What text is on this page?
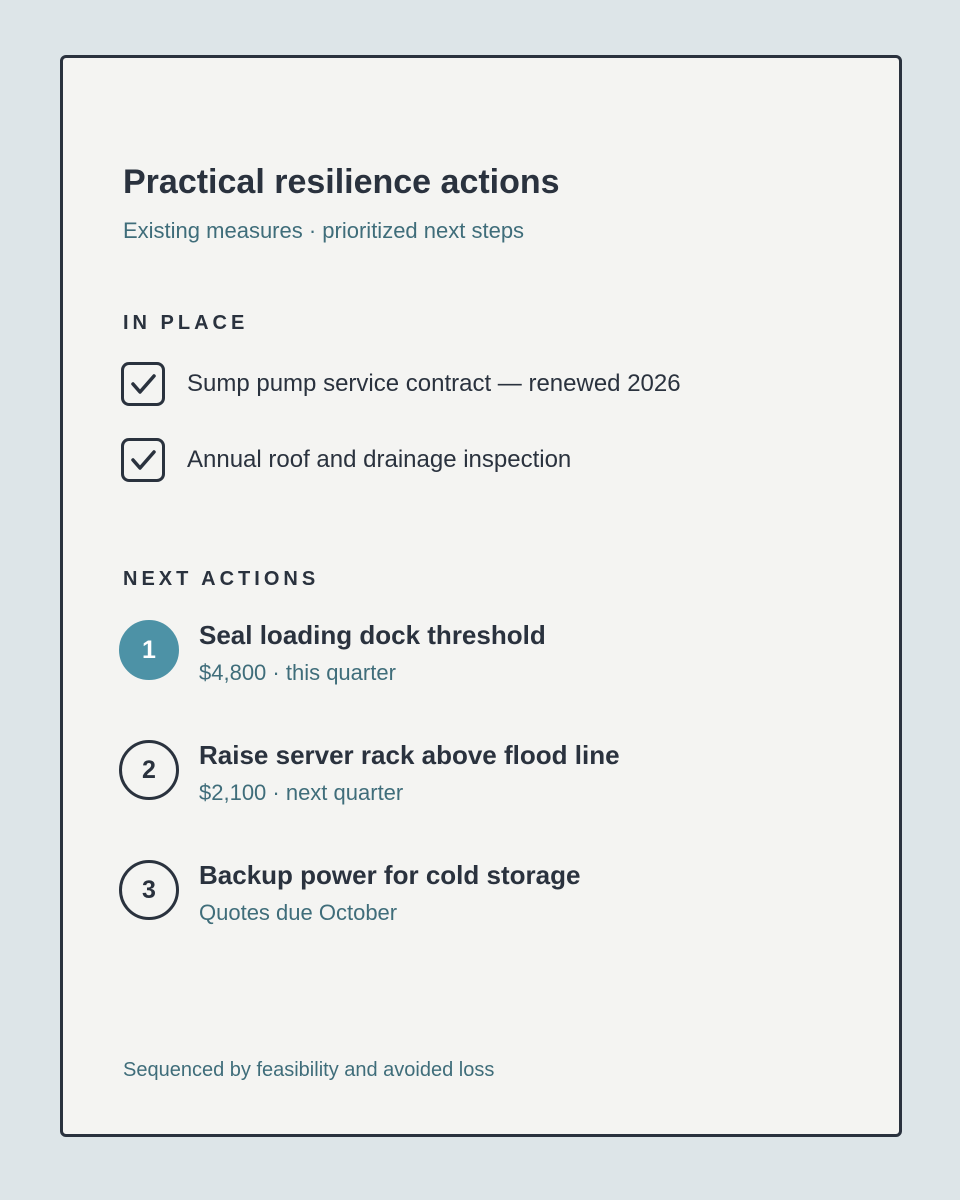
Practical resilience actions
Existing measures · prioritized next steps
IN PLACE
Sump pump service contract — renewed 2026
Annual roof and drainage inspection
NEXT ACTIONS
1	Seal loading dock threshold
$4,800 · this quarter
2	Raise server rack above flood line
$2,100 · next quarter
3	Backup power for cold storage
Quotes due October
Sequenced by feasibility and avoided loss
